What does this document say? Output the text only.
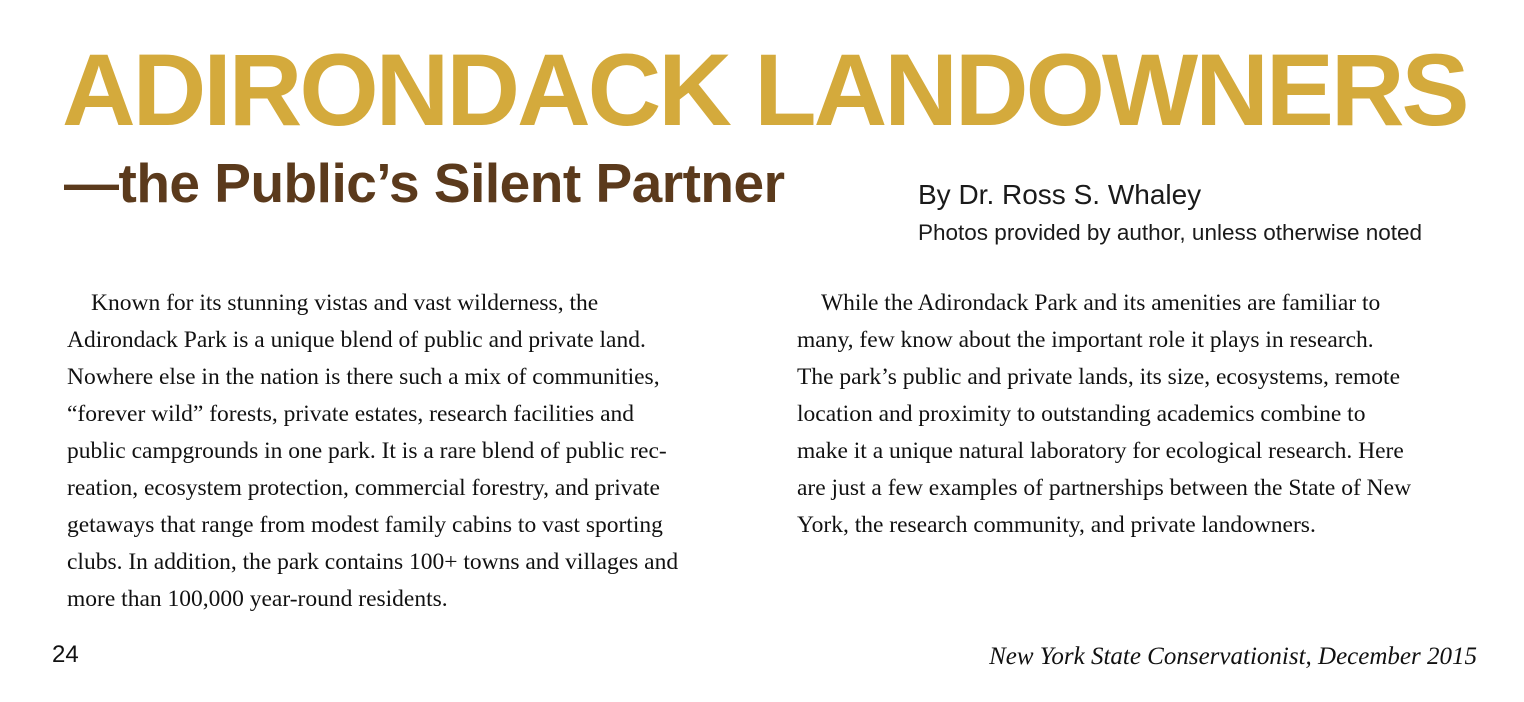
ADIRONDACK LANDOWNERS
—the Public’s Silent Partner	By Dr. Ross S. Whaley
Photos provided by author, unless otherwise noted

Known for its stunning vistas and vast wilderness, the
Adirondack Park is a unique blend of public and private land.
Nowhere else in the nation is there such a mix of communities,
“forever wild” forests, private estates, research facilities and
public campgrounds in one park. It is a rare blend of public rec-
reation, ecosystem protection, commercial forestry, and private
getaways that range from modest family cabins to vast sporting
clubs. In addition, the park contains 100+ towns and villages and
more than 100,000 year-round residents.

While the Adirondack Park and its amenities are familiar to
many, few know about the important role it plays in research.
The park’s public and private lands, its size, ecosystems, remote
location and proximity to outstanding academics combine to
make it a unique natural laboratory for ecological research. Here
are just a few examples of partnerships between the State of New
York, the research community, and private landowners.

24	New York State Conservationist, December 2015
